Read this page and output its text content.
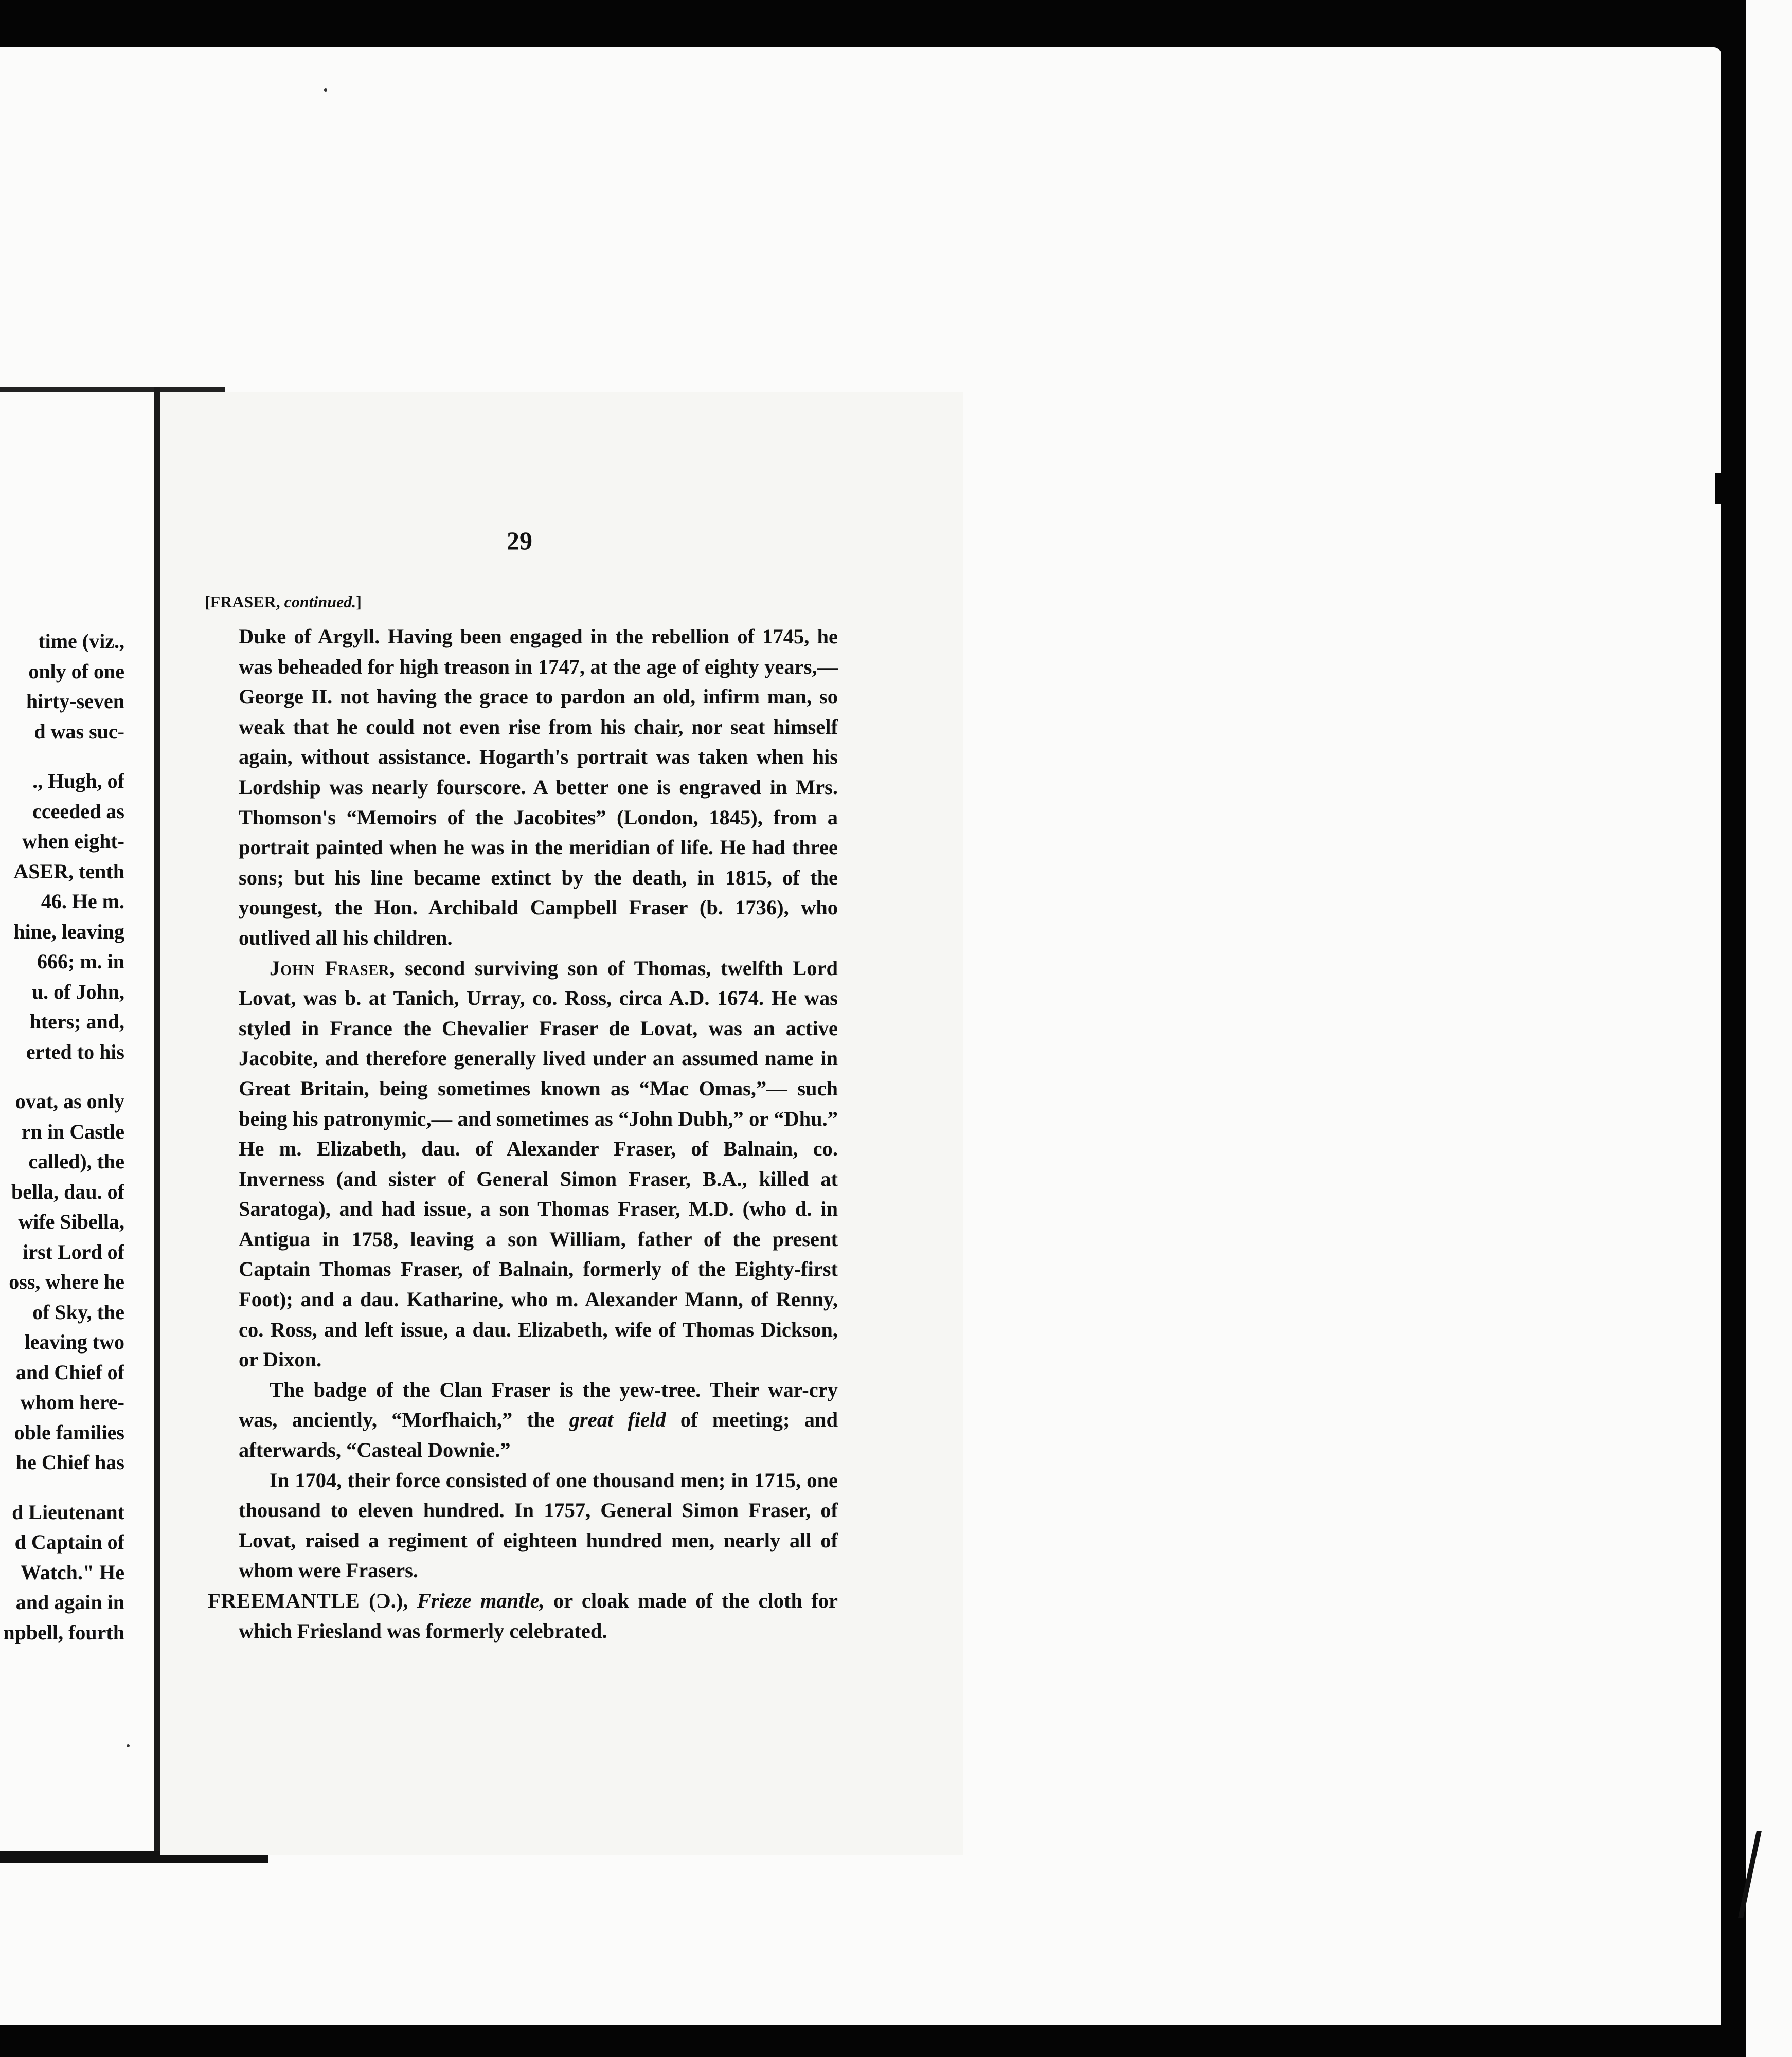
time (viz.,
only of one
hirty-seven
d was suc-
., Hugh, of
cceeded as
when eight-
ASER, tenth
46. He m.
hine, leaving
666; m. in
u. of John,
hters; and,
erted to his
ovat, as only
rn in Castle
called), the
bella, dau. of
wife Sibella,
irst Lord of
oss, where he
of Sky, the
leaving two
and Chief of
whom here-
oble families
he Chief has
d Lieutenant
d Captain of
Watch." He
and again in
npbell, fourth
29
[FRASER, continued.]

Duke of Argyll. Having been engaged in the rebellion of 1745, he was beheaded for high treason in 1747, at the age of eighty years,— George II. not having the grace to pardon an old, infirm man, so weak that he could not even rise from his chair, nor seat himself again, without assistance. Hogarth's portrait was taken when his Lordship was nearly fourscore. A better one is engraved in Mrs. Thomson's “Memoirs of the Jacobites” (London, 1845), from a portrait painted when he was in the meridian of life. He had three sons; but his line became extinct by the death, in 1815, of the youngest, the Hon. Archibald Campbell Fraser (b. 1736), who outlived all his children.

John Fraser, second surviving son of Thomas, twelfth Lord Lovat, was b. at Tanich, Urray, co. Ross, circa A.D. 1674. He was styled in France the Chevalier Fraser de Lovat, was an active Jacobite, and therefore generally lived under an assumed name in Great Britain, being sometimes known as “Mac Omas,”— such being his patronymic,— and sometimes as “John Dubh,” or “Dhu.” He m. Elizabeth, dau. of Alexander Fraser, of Balnain, co. Inverness (and sister of General Simon Fraser, B.A., killed at Saratoga), and had issue, a son Thomas Fraser, M.D. (who d. in Antigua in 1758, leaving a son William, father of the present Captain Thomas Fraser, of Balnain, formerly of the Eighty-first Foot); and a dau. Katharine, who m. Alexander Mann, of Renny, co. Ross, and left issue, a dau. Elizabeth, wife of Thomas Dickson, or Dixon.

The badge of the Clan Fraser is the yew-tree. Their war-cry was, anciently, “Morfhaich,” the great field of meeting; and afterwards, “Casteal Downie.”

In 1704, their force consisted of one thousand men; in 1715, one thousand to eleven hundred. In 1757, General Simon Fraser, of Lovat, raised a regiment of eighteen hundred men, nearly all of whom were Frasers.

FREEMANTLE (Ɔ.), Frieze mantle, or cloak made of the cloth for which Friesland was formerly celebrated.
